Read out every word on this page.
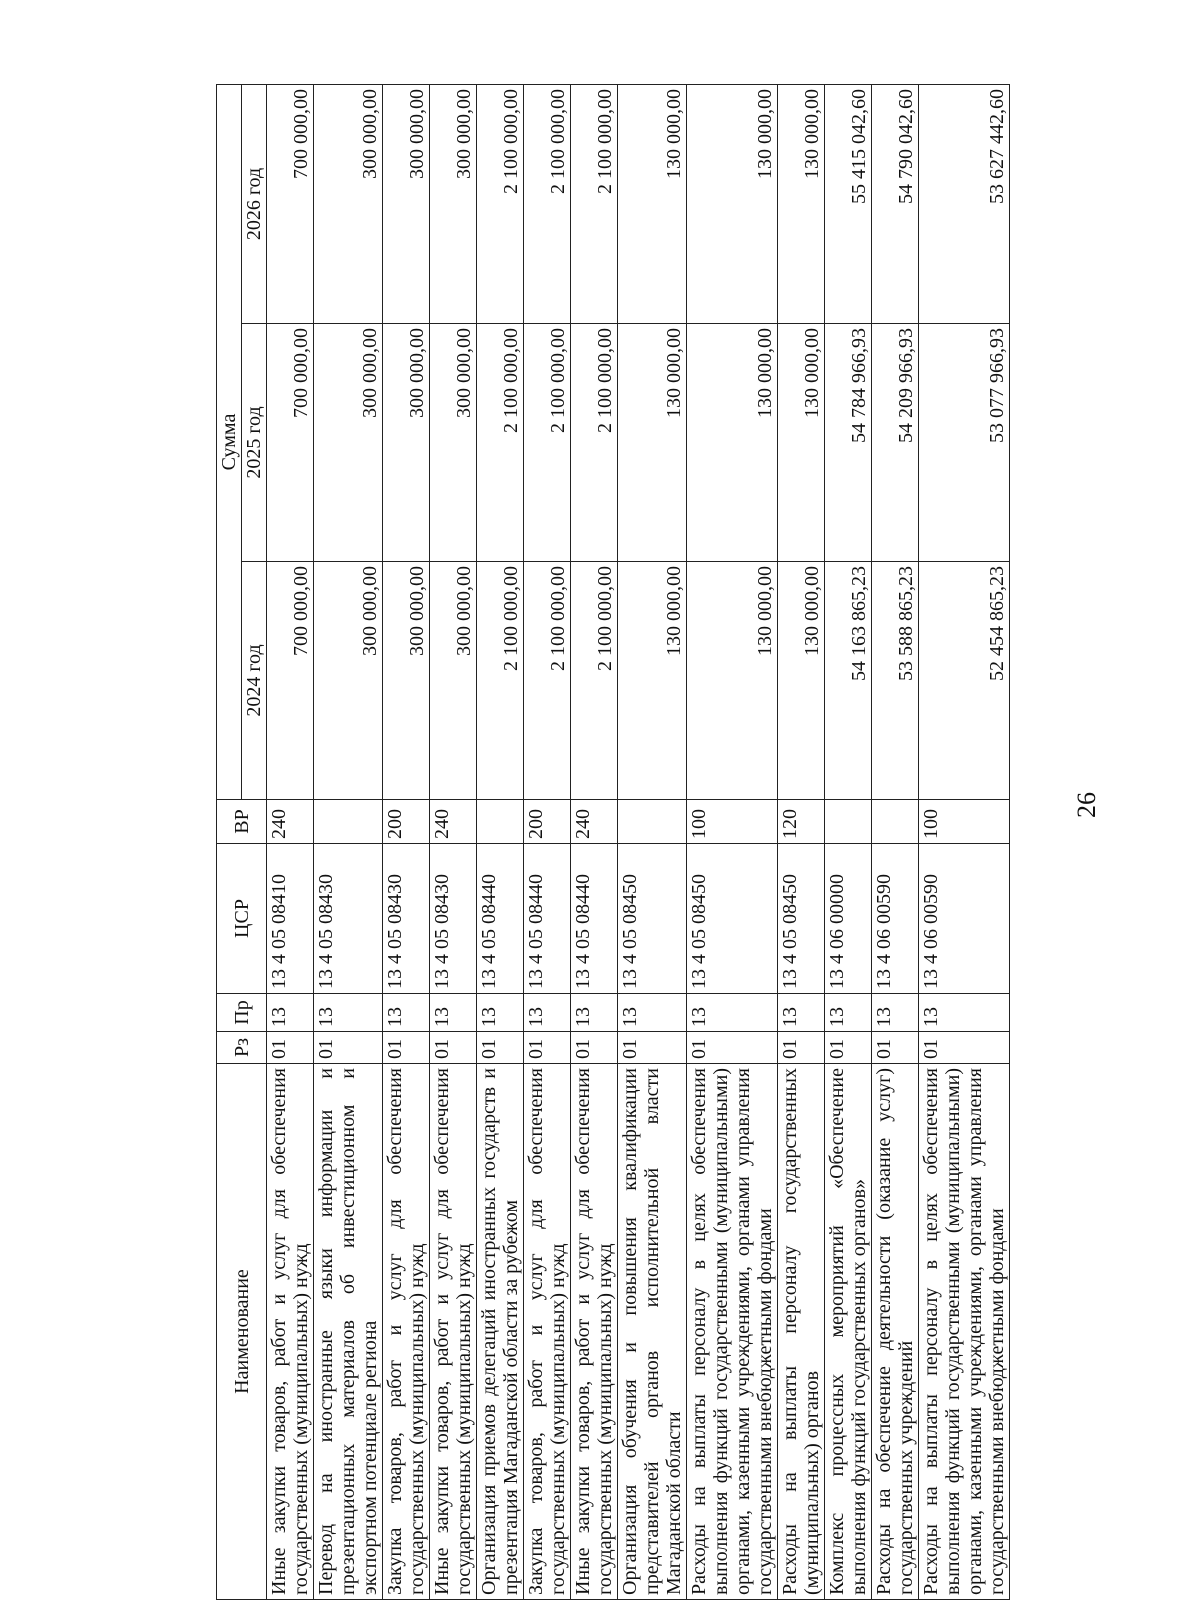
26
Наименование	Рз	Пр	ЦСР	ВР	Сумма		
					2024 год	2025 год	2026 год
Иные закупки товаров, работ и услуг для обеспечения государственных (муниципальных) нужд	01	13	13 4 05 08410	240	700 000,00	700 000,00	700 000,00
Перевод на иностранные языки информации и презентационных материалов об инвестиционном и экспортном потенциале региона	01	13	13 4 05 08430		300 000,00	300 000,00	300 000,00
Закупка товаров, работ и услуг для обеспечения государственных (муниципальных) нужд	01	13	13 4 05 08430	200	300 000,00	300 000,00	300 000,00
Иные закупки товаров, работ и услуг для обеспечения государственных (муниципальных) нужд	01	13	13 4 05 08430	240	300 000,00	300 000,00	300 000,00
Организация приемов делегаций иностранных государств и презентация Магаданской области за рубежом	01	13	13 4 05 08440		2 100 000,00	2 100 000,00	2 100 000,00
Закупка товаров, работ и услуг для обеспечения государственных (муниципальных) нужд	01	13	13 4 05 08440	200	2 100 000,00	2 100 000,00	2 100 000,00
Иные закупки товаров, работ и услуг для обеспечения государственных (муниципальных) нужд	01	13	13 4 05 08440	240	2 100 000,00	2 100 000,00	2 100 000,00
Организация обучения и повышения квалификации представителей органов исполнительной власти Магаданской области	01	13	13 4 05 08450		130 000,00	130 000,00	130 000,00
Расходы на выплаты персоналу в целях обеспечения выполнения функций государственными (муниципальными) органами, казенными учреждениями, органами управления государственными внебюджетными фондами	01	13	13 4 05 08450	100	130 000,00	130 000,00	130 000,00
Расходы на выплаты персоналу государственных (муниципальных) органов	01	13	13 4 05 08450	120	130 000,00	130 000,00	130 000,00
Комплекс процессных мероприятий «Обеспечение выполнения функций государственных органов»	01	13	13 4 06 00000		54 163 865,23	54 784 966,93	55 415 042,60
Расходы на обеспечение деятельности (оказание услуг) государственных учреждений	01	13	13 4 06 00590		53 588 865,23	54 209 966,93	54 790 042,60
Расходы на выплаты персоналу в целях обеспечения выполнения функций государственными (муниципальными) органами, казенными учреждениями, органами управления государственными внебюджетными фондами	01	13	13 4 06 00590	100	52 454 865,23	53 077 966,93	53 627 442,60
